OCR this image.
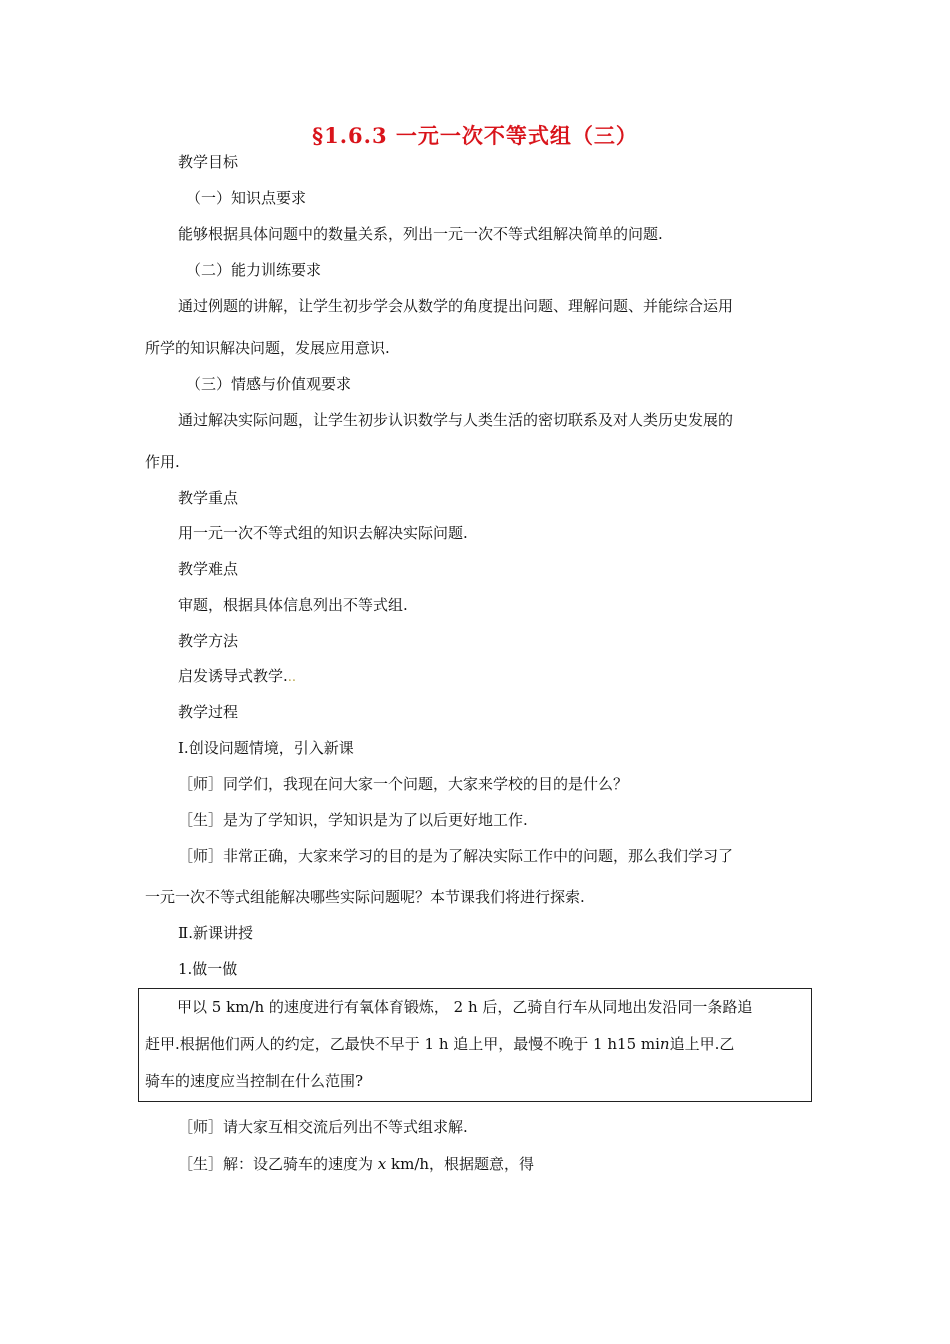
§1.6.3 一元一次不等式组（三）
教学目标
（一）知识点要求
能够根据具体问题中的数量关系，列出一元一次不等式组解决简单的问题.
（二）能力训练要求
通过例题的讲解，让学生初步学会从数学的角度提出问题、理解问题、并能综合运用
所学的知识解决问题，发展应用意识.
（三）情感与价值观要求
通过解决实际问题，让学生初步认识数学与人类生活的密切联系及对人类历史发展的
作用.
教学重点
用一元一次不等式组的知识去解决实际问题.
教学难点
审题，根据具体信息列出不等式组.
教学方法
启发诱导式教学...
教学过程
Ⅰ.创设问题情境，引入新课
［师］同学们，我现在问大家一个问题，大家来学校的目的是什么？
［生］是为了学知识，学知识是为了以后更好地工作.
［师］非常正确，大家来学习的目的是为了解决实际工作中的问题，那么我们学习了
一元一次不等式组能解决哪些实际问题呢？本节课我们将进行探索.
Ⅱ.新课讲授
1.做一做
甲以 5 km/h 的速度进行有氧体育锻炼， 2 h 后，乙骑自行车从同地出发沿同一条路追
赶甲.根据他们两人的约定，乙最快不早于 1 h 追上甲，最慢不晚于 1 h15 min追上甲.乙
骑车的速度应当控制在什么范围?
［师］请大家互相交流后列出不等式组求解.
［生］解：设乙骑车的速度为 x km/h，根据题意，得
